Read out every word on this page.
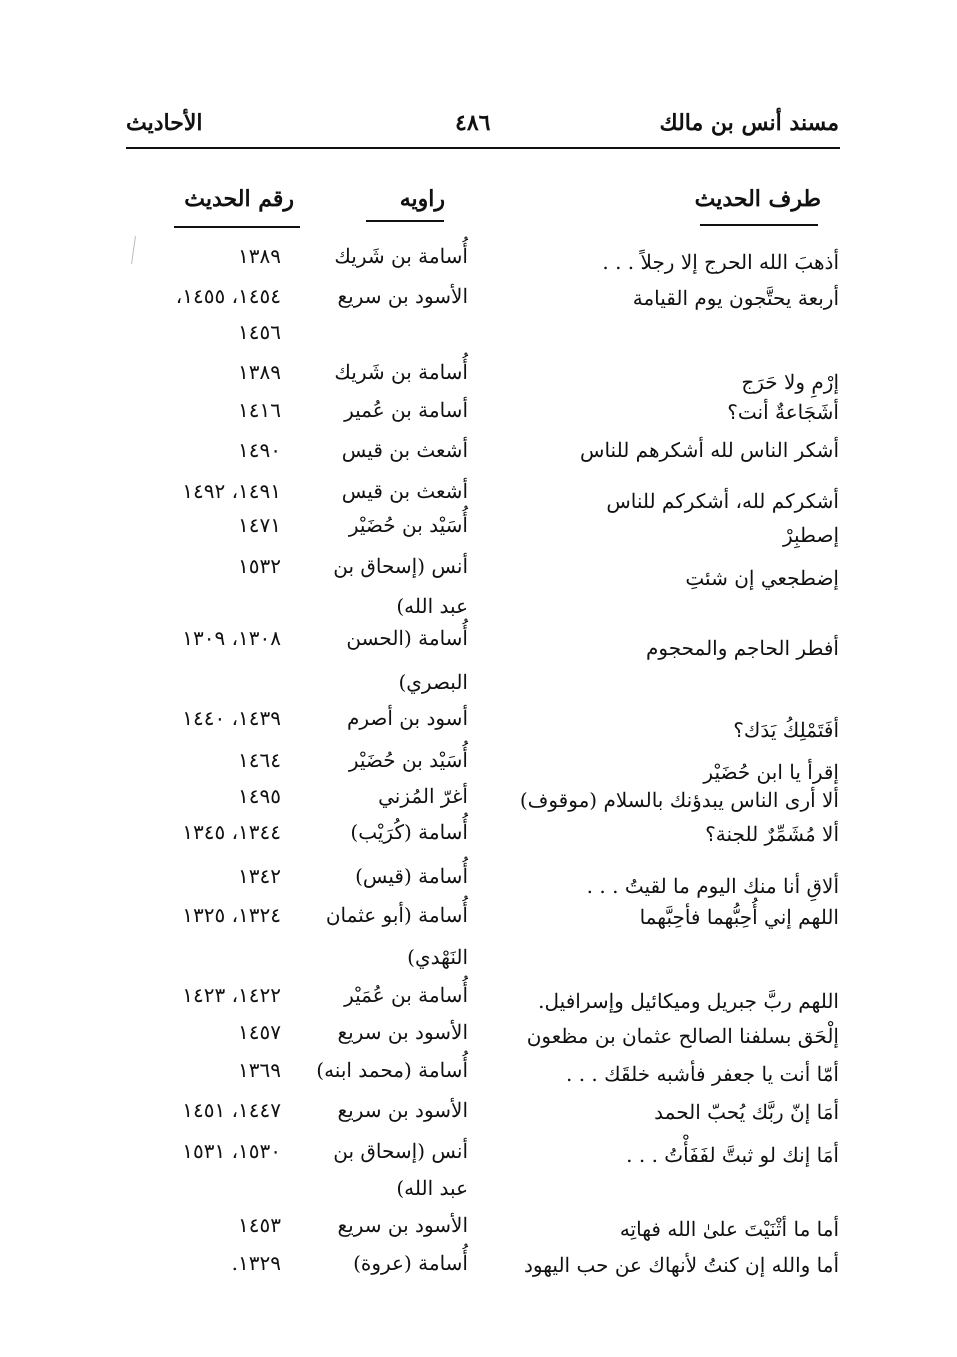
مسند أنس بن مالك
٤٨٦
الأحاديث
طرف الحديث
راويه
رقم الحديث
أذهبَ الله الحرج إلا رجلاً . . .
أُسامة بن شَريك
١٣٨٩
أربعة يحتَّجون يوم القيامة
الأسود بن سريع
١٤٥٤، ١٤٥٥،
١٤٥٦
إرْمِ ولا حَرَج
أُسامة بن شَريك
١٣٨٩
أشَجَاعةٌ أنت؟
أسامة بن عُمير
١٤١٦
أشكر الناس لله أشكرهم للناس
أشعث بن قيس
١٤٩٠
أشكركم لله، أشكركم للناس
أشعث بن قيس
١٤٩١، ١٤٩٢
إصطبِرْ
أُسَيْد بن حُضَيْر
١٤٧١
إضطجعي إن شئتِ
أنس (إسحاق بن
١٥٣٢
عبد الله)
أفطر الحاجم والمحجوم
أُسامة (الحسن
١٣٠٨، ١٣٠٩
البصري)
أفَتَمْلِكُ يَدَك؟
أسود بن أصرم
١٤٣٩، ١٤٤٠
إقرأ يا ابن حُضَيْر
أُسَيْد بن حُضَيْر
١٤٦٤
ألا أرى الناس يبدؤنك بالسلام (موقوف)
أغرّ المُزني
١٤٩٥
ألا مُشَمِّرٌ للجنة؟
أُسامة (كُرَيْب)
١٣٤٤، ١٣٤٥
ألاقِ أنا منك اليوم ما لقيتُ . . .
أُسامة (قيس)
١٣٤٢
اللهم إني أُحِبُّهما فأحِبَّهما
أُسامة (أبو عثمان
١٣٢٤، ١٣٢٥
النَهْدي)
اللهم ربَّ جبريل وميكائيل وإسرافيل.
أُسامة بن عُمَيْر
١٤٢٢، ١٤٢٣
إلْحَق بسلفنا الصالح عثمان بن مظعون
الأسود بن سريع
١٤٥٧
أمّا أنت يا جعفر فأشبه خلقَك . . .
أُسامة (محمد ابنه)
١٣٦٩
أمَا إنّ ربَّك يُحبّ الحمد
الأسود بن سريع
١٤٤٧، ١٤٥١
أمَا إنك لو ثبتَّ لفَفَأْتُ . . .
أنس (إسحاق بن
١٥٣٠، ١٥٣١
عبد الله)
أما ما أثْنَيْتَ علىٰ الله فهاتِه
الأسود بن سريع
١٤٥٣
أما والله إن كنتُ لأنهاك عن حب اليهود
أُسامة (عروة)
١٣٢٩.
